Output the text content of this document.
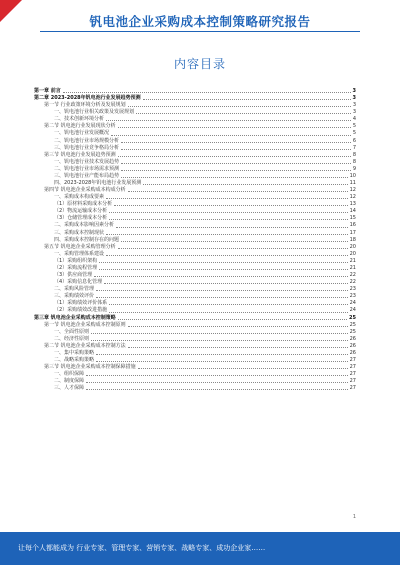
钒电池企业采购成本控制策略研究报告
内容目录
第一章 前言	3
第二章 2023-2028年钒电池行业发展趋势预测	3
第一节 行业政策环境分析及发展规划	3
一、钒电池行业相关政策及发展规划	3
二、技术创新环境分析	4
第二节 钒电池行业发展现状分析	5
一、钒电池行业发展概况	5
二、钒电池行业市场规模分析	6
三、钒电池行业竞争格局分析	7
第三节 钒电池行业发展趋势预测	8
一、钒电池行业技术发展趋势	8
二、钒电池行业市场需求预测	9
三、钒电池行业产能布局趋势	10
四、2023-2028年钒电池行业发展预测	11
第四节 钒电池企业采购成本构成分析	12
一、采购成本构成要素	12
（1）原材料采购成本分析	13
（2）物流运输成本分析	14
（3）仓储管理成本分析	15
二、采购成本影响因素分析	16
三、采购成本控制现状	17
四、采购成本控制存在的问题	18
第五节 钒电池企业采购管理分析	20
一、采购管理体系建设	20
（1）采购组织架构	21
（2）采购流程管理	21
（3）供应商管理	22
（4）采购信息化管理	22
二、采购风险管理	23
三、采购绩效评价	23
（1）采购绩效评价体系	24
（2）采购绩效改进措施	24
第三章 钒电池企业采购成本控制策略	25
第一节 钒电池企业采购成本控制原则	25
一、全面性原则	25
二、经济性原则	26
第二节 钒电池企业采购成本控制方法	26
一、集中采购策略	26
二、战略采购策略	27
第三节 钒电池企业采购成本控制保障措施	27
一、组织保障	27
二、制度保障	27
三、人才保障	27
1
让每个人都能成为 行业专家、管理专家、营销专家、战略专家、成功企业家……
